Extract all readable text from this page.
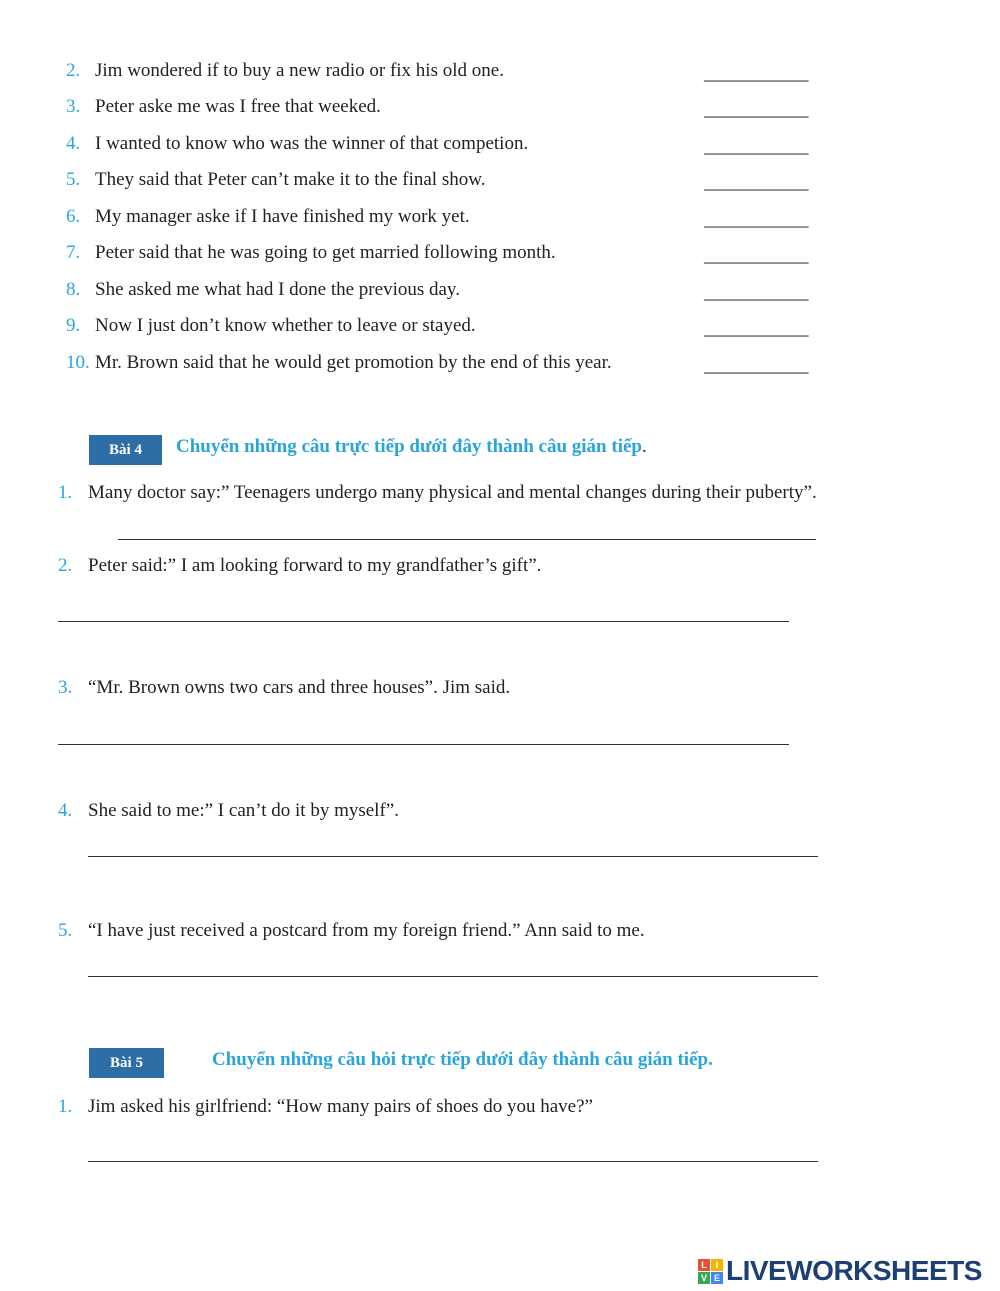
2. Jim wondered if to buy a new radio or fix his old one.	___________
3. Peter aske me was I free that weeked.	___________
4. I wanted to know who was the winner of that competion.	___________
5. They said that Peter can’t make it to the final show.	___________
6. My manager aske if I have finished my work yet.	___________
7. Peter said that he was going to get married following month.	___________
8. She asked me what had I done the previous day.	___________
9. Now I just don’t know whether to leave or stayed.	___________
10. Mr. Brown said that he would get promotion by the end of this year.	___________
Bài 4	Chuyển những câu trực tiếp dưới đây thành câu gián tiếp.
1. Many doctor say:” Teenagers undergo many physical and mental changes during their puberty”.
2. Peter said:” I am looking forward to my grandfather’s gift”.
3. “Mr. Brown owns two cars and three houses”. Jim said.
4. She said to me:” I can’t do it by myself”.
5. “I have just received a postcard from my foreign friend.” Ann said to me.
Bài 5	Chuyển những câu hỏi trực tiếp dưới đây thành câu gián tiếp.
1. Jim asked his girlfriend: “How many pairs of shoes do you have?”
L I
V E LIVEWORKSHEETS
